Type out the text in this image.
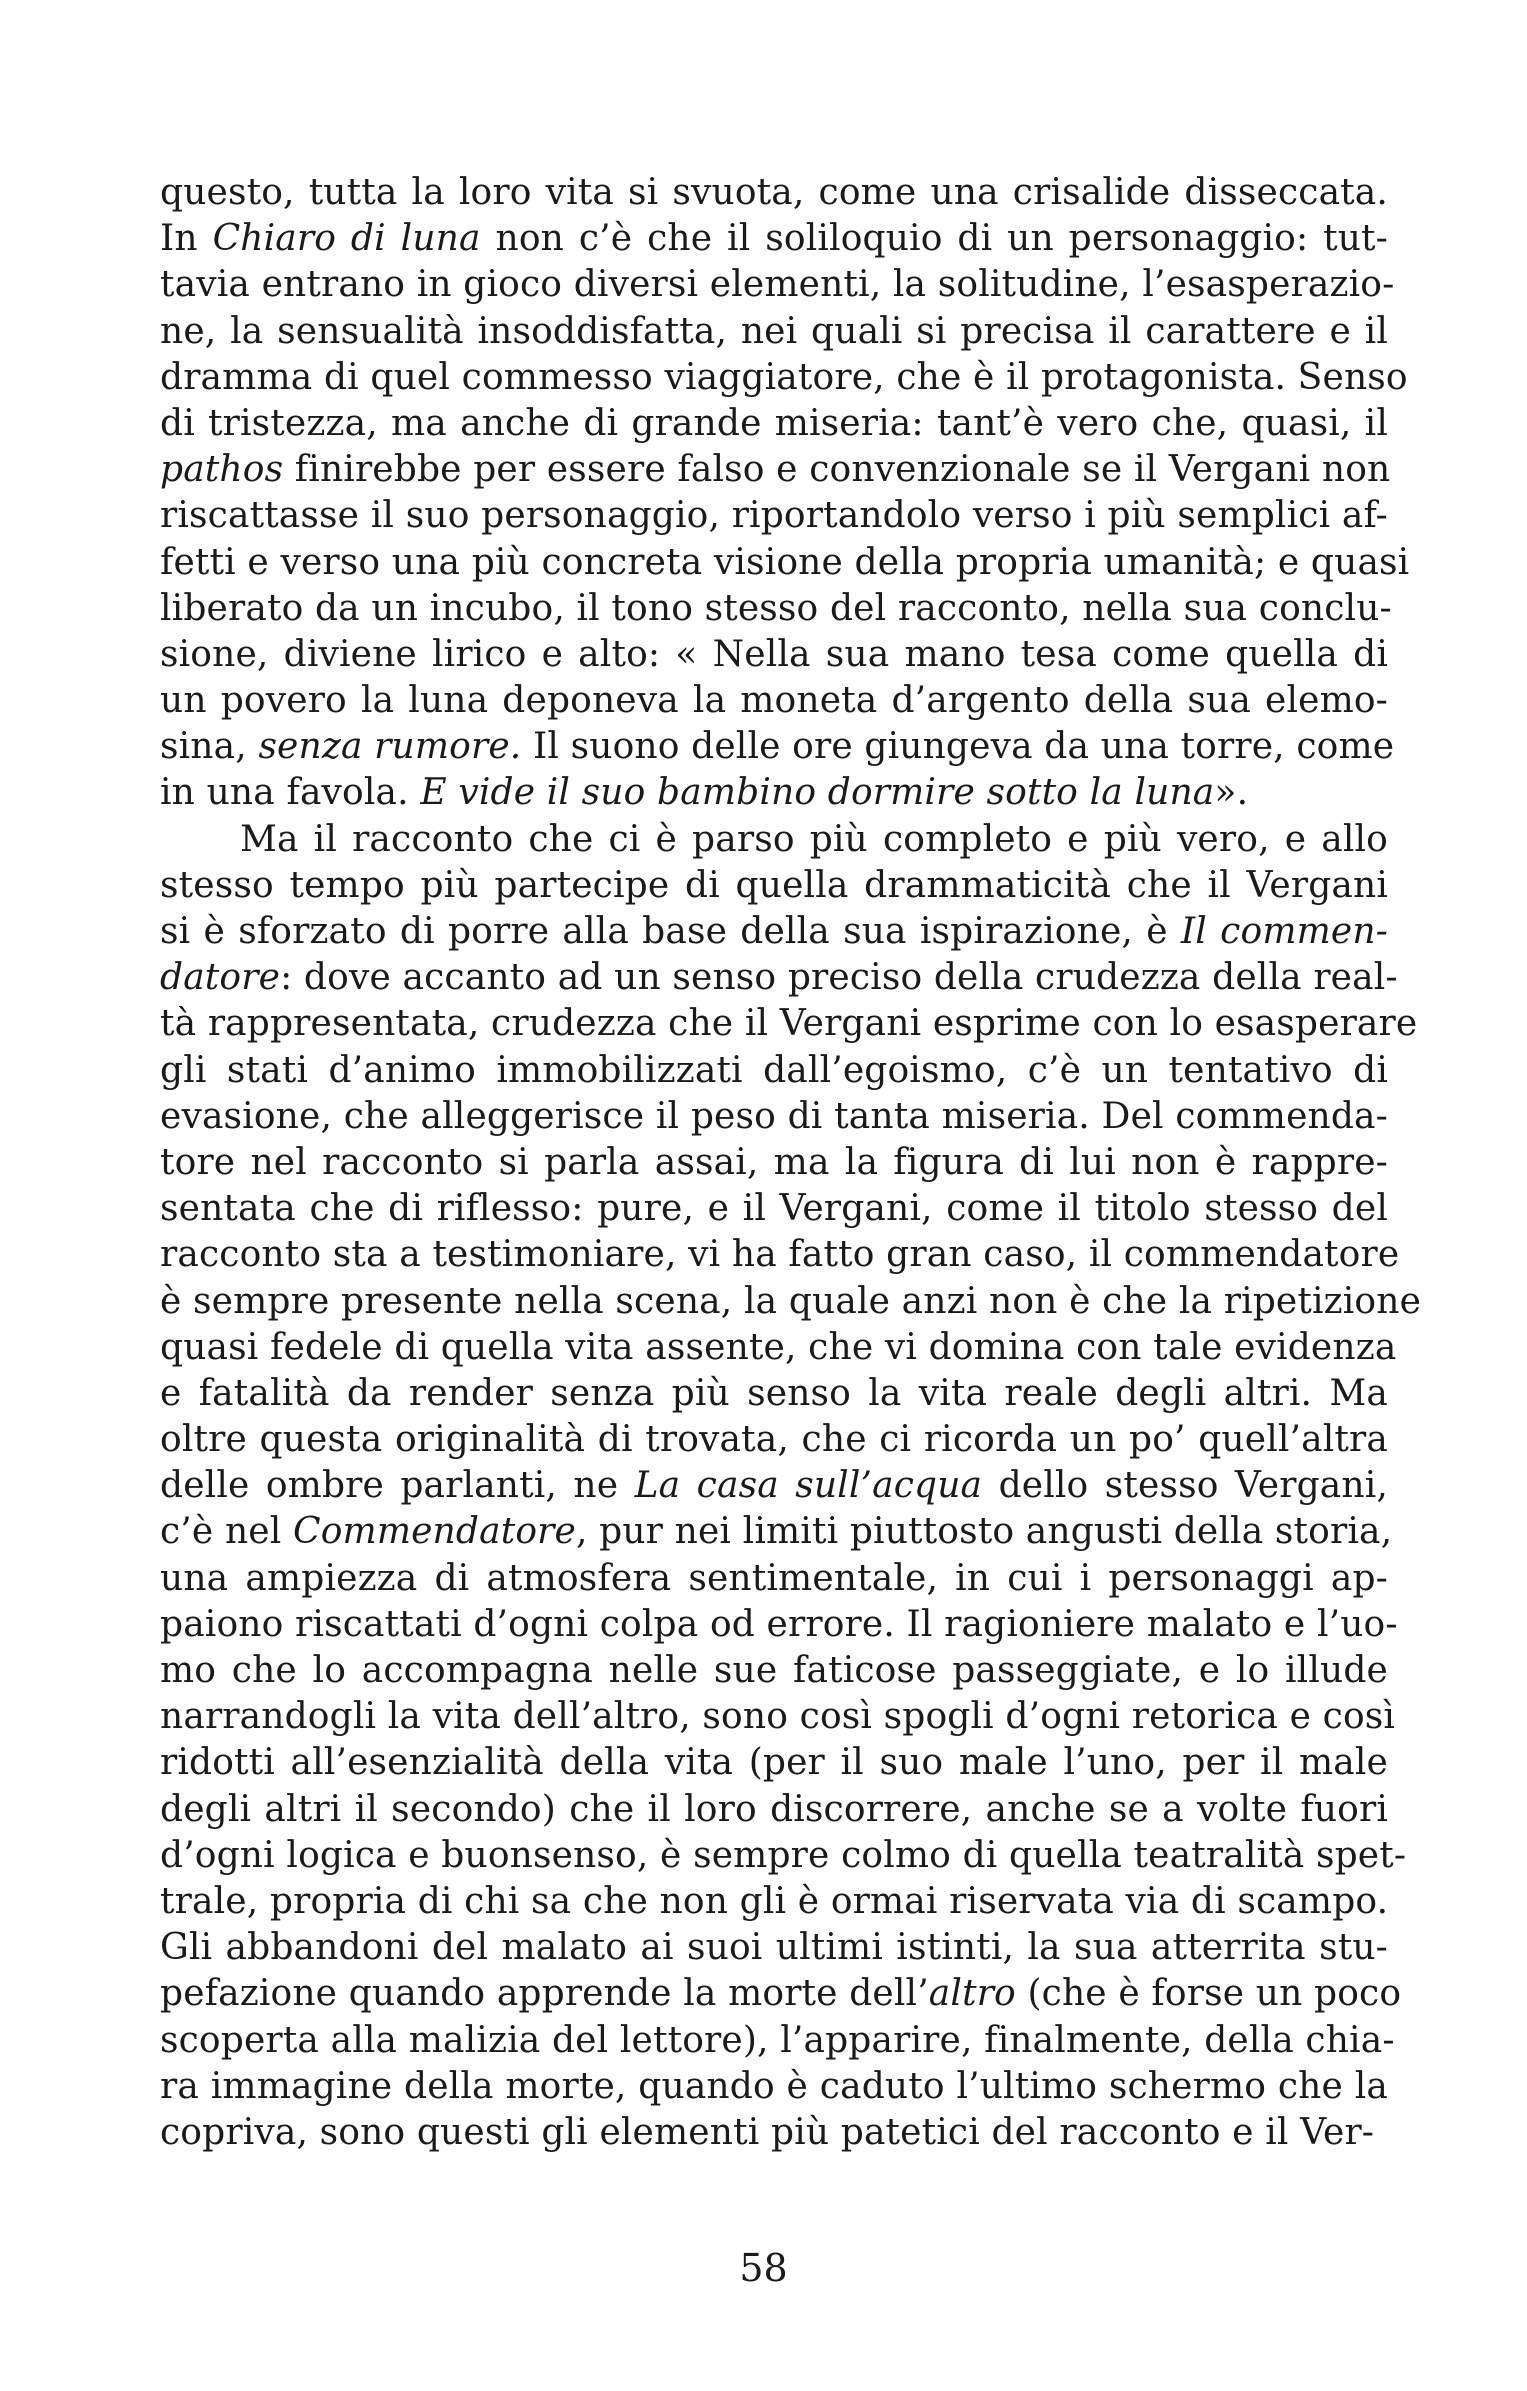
questo, tutta la loro vita si svuota, come una crisalide disseccata.
In Chiaro di luna non c’è che il soliloquio di un personaggio: tut-
tavia entrano in gioco diversi elementi, la solitudine, l’esasperazio-
ne, la sensualità insoddisfatta, nei quali si precisa il carattere e il
dramma di quel commesso viaggiatore, che è il protagonista. Senso
di tristezza, ma anche di grande miseria: tant’è vero che, quasi, il
pathos finirebbe per essere falso e convenzionale se il Vergani non
riscattasse il suo personaggio, riportandolo verso i più semplici af-
fetti e verso una più concreta visione della propria umanità; e quasi
liberato da un incubo, il tono stesso del racconto, nella sua conclu-
sione, diviene lirico e alto: « Nella sua mano tesa come quella di
un povero la luna deponeva la moneta d’argento della sua elemo-
sina, senza rumore. Il suono delle ore giungeva da una torre, come
in una favola. E vide il suo bambino dormire sotto la luna».
Ma il racconto che ci è parso più completo e più vero, e allo
stesso tempo più partecipe di quella drammaticità che il Vergani
si è sforzato di porre alla base della sua ispirazione, è Il commen-
datore: dove accanto ad un senso preciso della crudezza della real-
tà rappresentata, crudezza che il Vergani esprime con lo esasperare
gli stati d’animo immobilizzati dall’egoismo, c’è un tentativo di
evasione, che alleggerisce il peso di tanta miseria. Del commenda-
tore nel racconto si parla assai, ma la figura di lui non è rappre-
sentata che di riflesso: pure, e il Vergani, come il titolo stesso del
racconto sta a testimoniare, vi ha fatto gran caso, il commendatore
è sempre presente nella scena, la quale anzi non è che la ripetizione
quasi fedele di quella vita assente, che vi domina con tale evidenza
e fatalità da render senza più senso la vita reale degli altri. Ma
oltre questa originalità di trovata, che ci ricorda un po’ quell’altra
delle ombre parlanti, ne La casa sull’acqua dello stesso Vergani,
c’è nel Commendatore, pur nei limiti piuttosto angusti della storia,
una ampiezza di atmosfera sentimentale, in cui i personaggi ap-
paiono riscattati d’ogni colpa od errore. Il ragioniere malato e l’uo-
mo che lo accompagna nelle sue faticose passeggiate, e lo illude
narrandogli la vita dell’altro, sono così spogli d’ogni retorica e così
ridotti all’esenzialità della vita (per il suo male l’uno, per il male
degli altri il secondo) che il loro discorrere, anche se a volte fuori
d’ogni logica e buonsenso, è sempre colmo di quella teatralità spet-
trale, propria di chi sa che non gli è ormai riservata via di scampo.
Gli abbandoni del malato ai suoi ultimi istinti, la sua atterrita stu-
pefazione quando apprende la morte dell’altro (che è forse un poco
scoperta alla malizia del lettore), l’apparire, finalmente, della chia-
ra immagine della morte, quando è caduto l’ultimo schermo che la
copriva, sono questi gli elementi più patetici del racconto e il Ver-
58
